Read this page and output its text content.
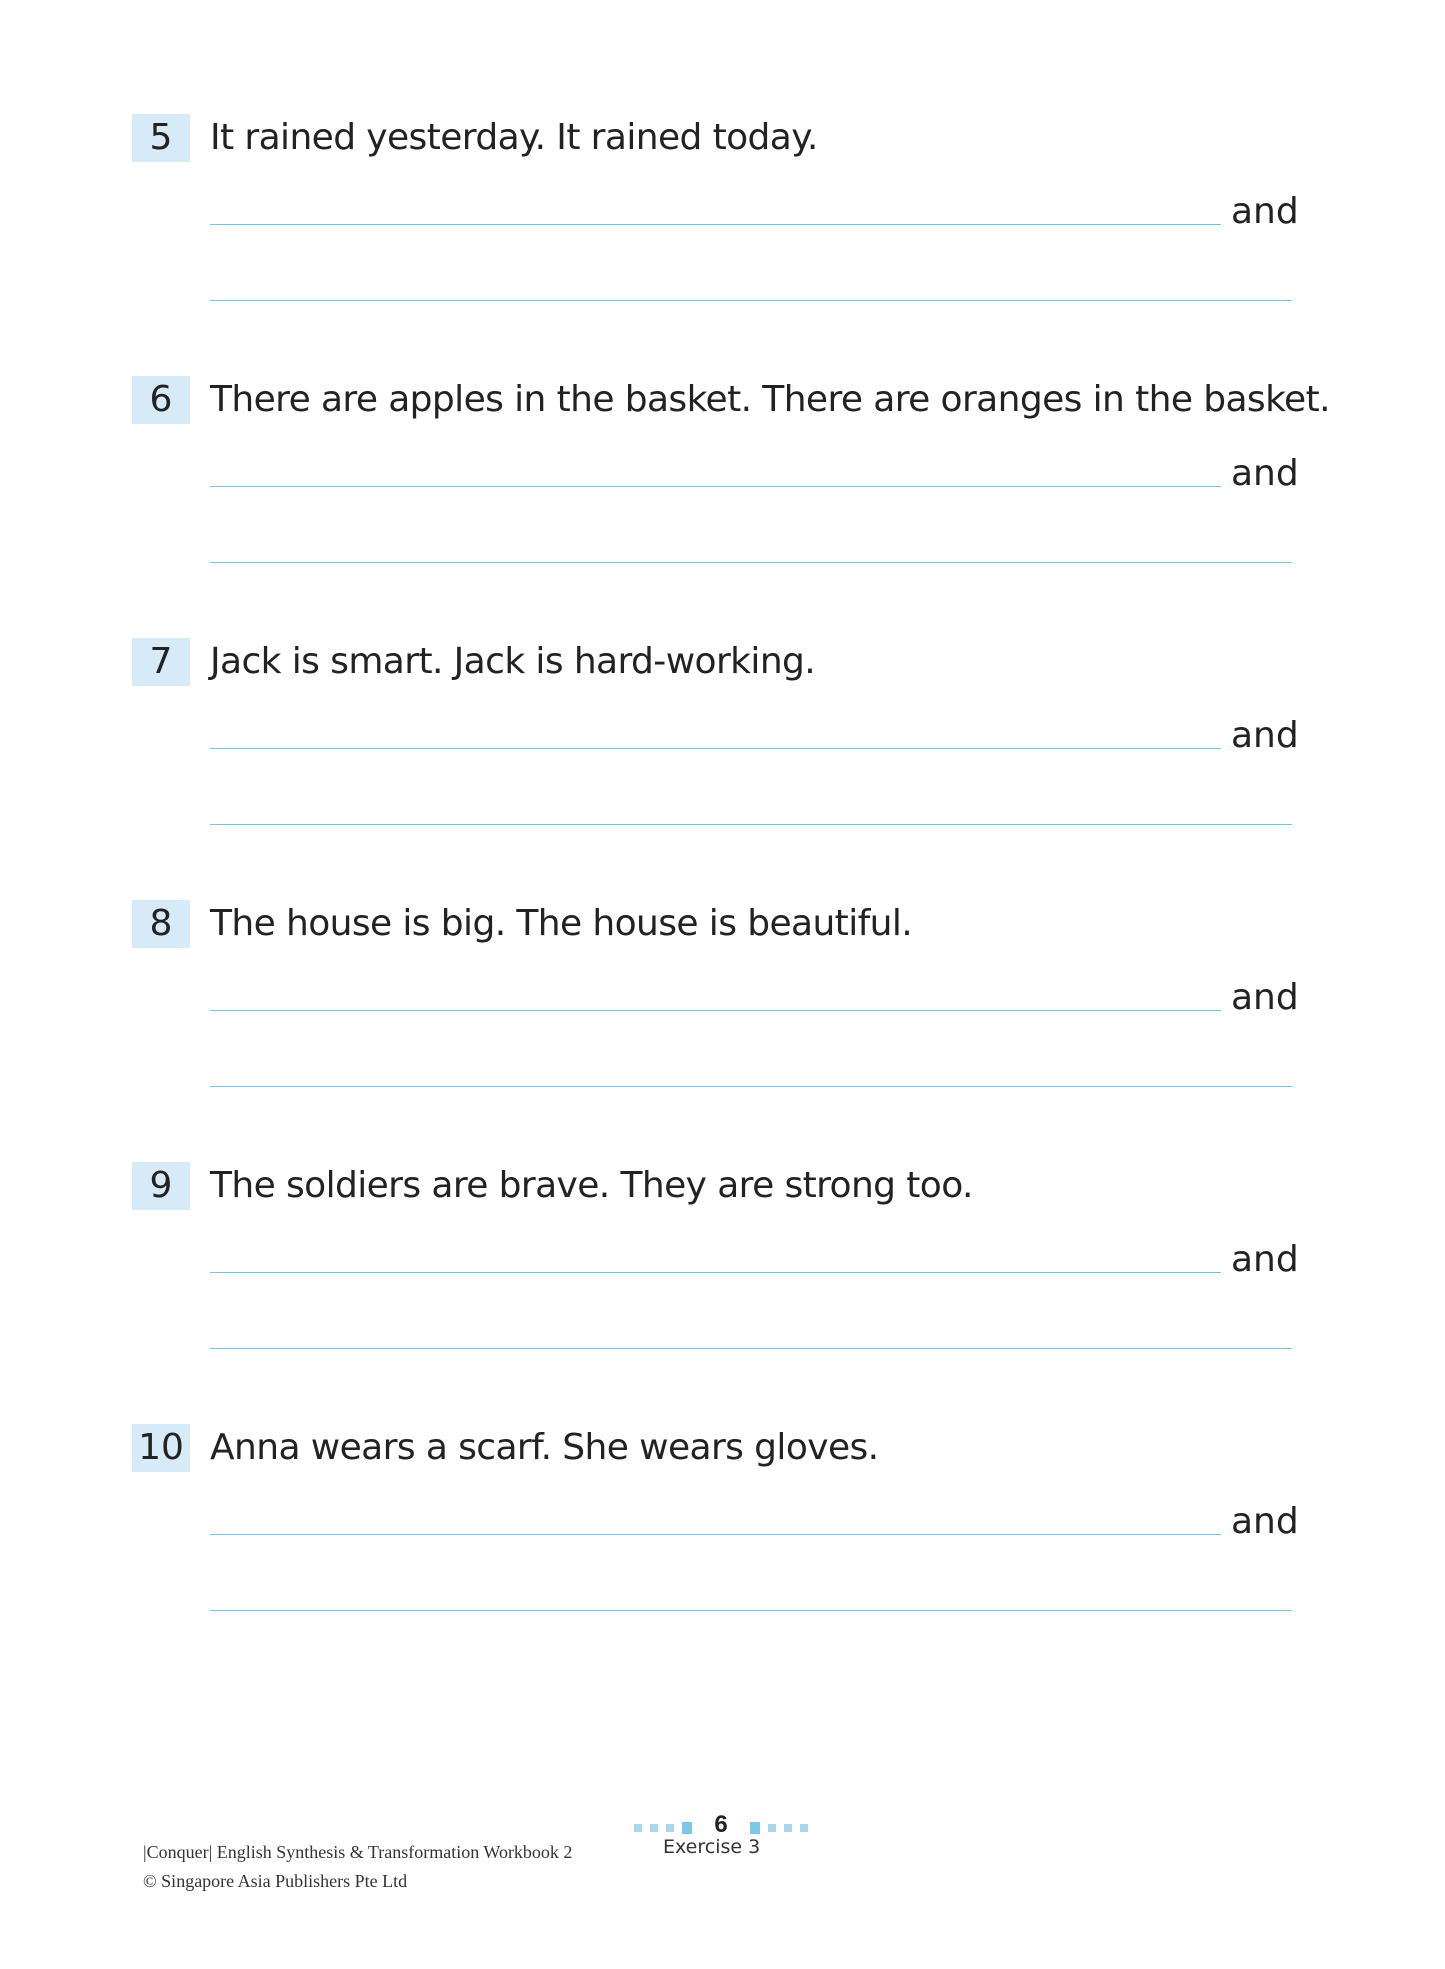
5	It rained yesterday. It rained today.
and
6	There are apples in the basket. There are oranges in the basket.
and
7	Jack is smart. Jack is hard-working.
and
8	The house is big. The house is beautiful.
and
9	The soldiers are brave. They are strong too.
and
10 Anna wears a scarf. She wears gloves.
and
6
Exercise 3
|Conquer| English Synthesis & Transformation Workbook 2
© Singapore Asia Publishers Pte Ltd
